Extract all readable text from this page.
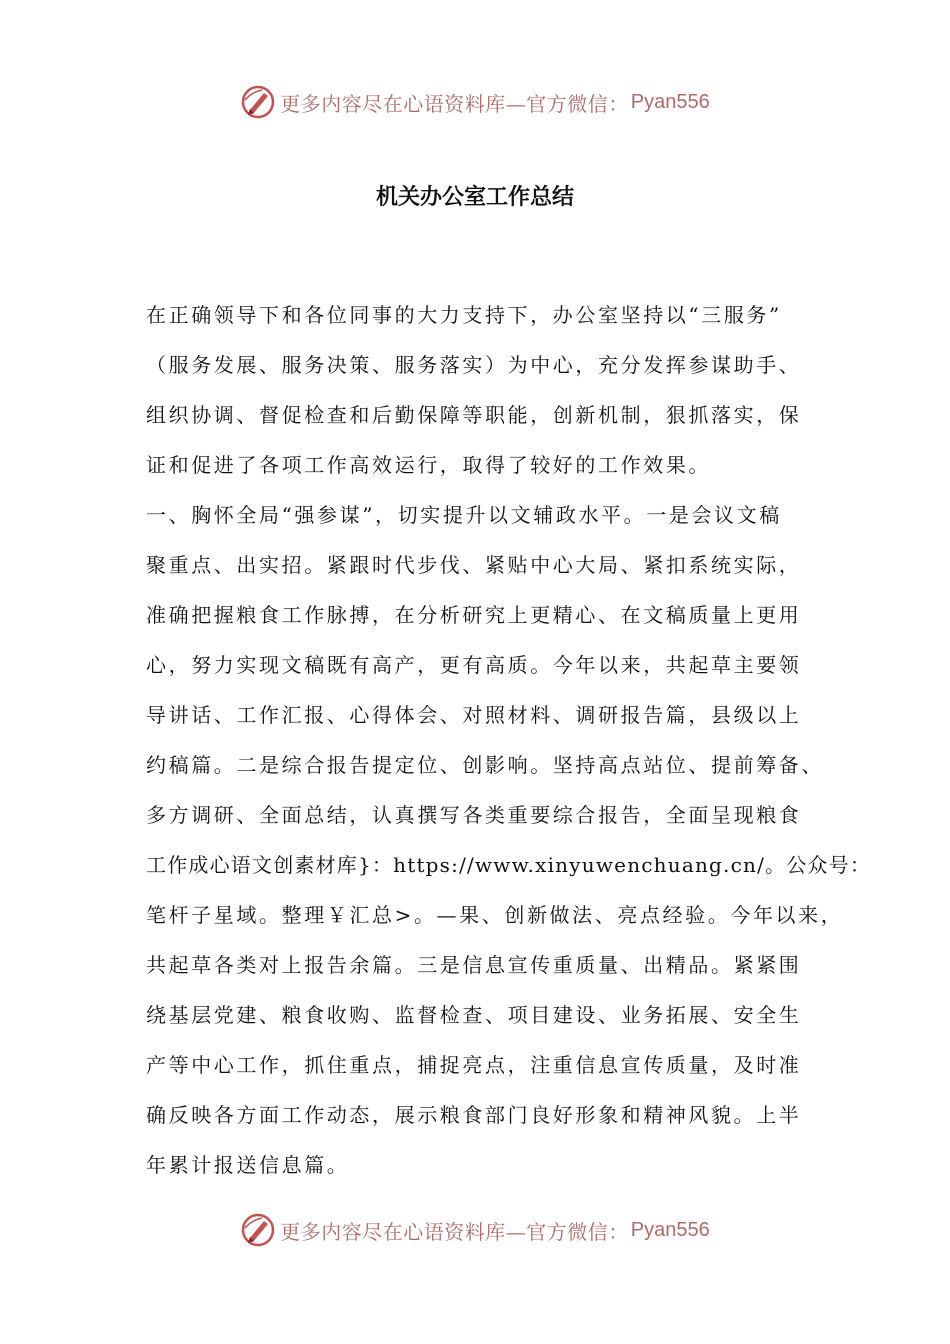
更多内容尽在心语资料库—官方微信： Pyan556
机关办公室工作总结
在正确领导下和各位同事的大力支持下，办公室坚持以“三服务”
（服务发展、服务决策、服务落实）为中心，充分发挥参谋助手、
组织协调、督促检查和后勤保障等职能，创新机制，狠抓落实，保
证和促进了各项工作高效运行，取得了较好的工作效果。
一、胸怀全局“强参谋”，切实提升以文辅政水平。一是会议文稿
聚重点、出实招。紧跟时代步伐、紧贴中心大局、紧扣系统实际，
准确把握粮食工作脉搏，在分析研究上更精心、在文稿质量上更用
心，努力实现文稿既有高产，更有高质。今年以来，共起草主要领
导讲话、工作汇报、心得体会、对照材料、调研报告篇，县级以上
约稿篇。二是综合报告提定位、创影响。坚持高点站位、提前筹备、
多方调研、全面总结，认真撰写各类重要综合报告，全面呈现粮食
工作成心语文创素材库}：https://www.xinyuwenchuang.cn/。公众号：
笔杆子星域。整理￥汇总>。—果、创新做法、亮点经验。今年以来，
共起草各类对上报告余篇。三是信息宣传重质量、出精品。紧紧围
绕基层党建、粮食收购、监督检查、项目建设、业务拓展、安全生
产等中心工作，抓住重点，捕捉亮点，注重信息宣传质量，及时准
确反映各方面工作动态，展示粮食部门良好形象和精神风貌。上半
年累计报送信息篇。
更多内容尽在心语资料库—官方微信： Pyan556
